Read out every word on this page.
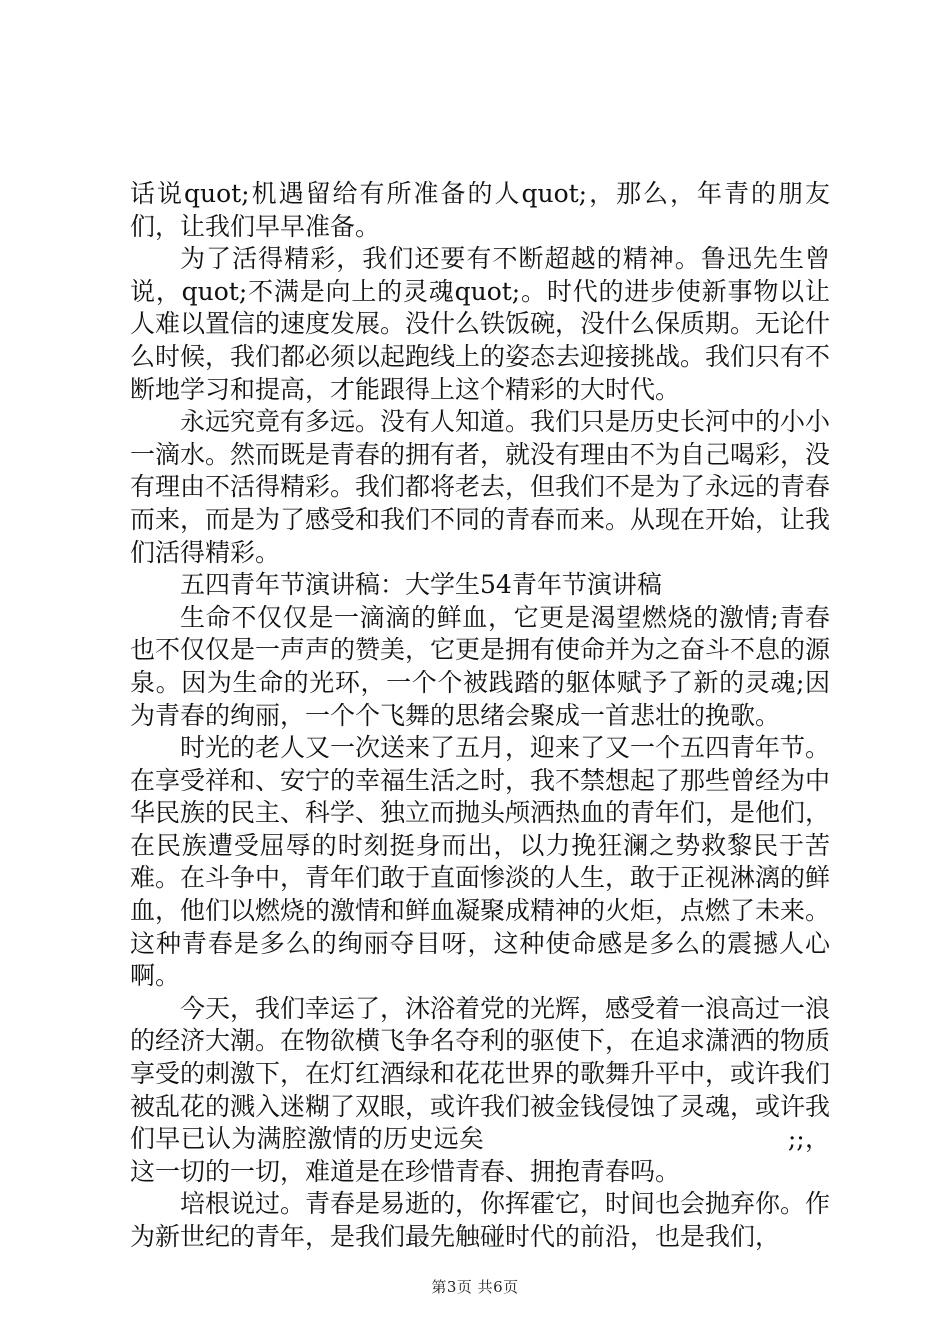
话说quot;机遇留给有所准备的人quot;，那么，年青的朋友们，让我们早早准备。

为了活得精彩，我们还要有不断超越的精神。鲁迅先生曾说，quot;不满是向上的灵魂quot;。时代的进步使新事物以让人难以置信的速度发展。没什么铁饭碗，没什么保质期。无论什么时候，我们都必须以起跑线上的姿态去迎接挑战。我们只有不断地学习和提高，才能跟得上这个精彩的大时代。

永远究竟有多远。没有人知道。我们只是历史长河中的小小一滴水。然而既是青春的拥有者，就没有理由不为自己喝彩，没有理由不活得精彩。我们都将老去，但我们不是为了永远的青春而来，而是为了感受和我们不同的青春而来。从现在开始，让我们活得精彩。

五四青年节演讲稿：大学生54青年节演讲稿

生命不仅仅是一滴滴的鲜血，它更是渴望燃烧的激情;青春也不仅仅是一声声的赞美，它更是拥有使命并为之奋斗不息的源泉。因为生命的光环，一个个被践踏的躯体赋予了新的灵魂;因为青春的绚丽，一个个飞舞的思绪会聚成一首悲壮的挽歌。

时光的老人又一次送来了五月，迎来了又一个五四青年节。在享受祥和、安宁的幸福生活之时，我不禁想起了那些曾经为中华民族的民主、科学、独立而抛头颅洒热血的青年们，是他们，在民族遭受屈辱的时刻挺身而出，以力挽狂澜之势救黎民于苦难。在斗争中，青年们敢于直面惨淡的人生，敢于正视淋漓的鲜血，他们以燃烧的激情和鲜血凝聚成精神的火炬，点燃了未来。这种青春是多么的绚丽夺目呀，这种使命感是多么的震撼人心啊。

今天，我们幸运了，沐浴着党的光辉，感受着一浪高过一浪的经济大潮。在物欲横飞争名夺利的驱使下，在追求潇洒的物质享受的刺激下，在灯红酒绿和花花世界的歌舞升平中，或许我们被乱花的溅入迷糊了双眼，或许我们被金钱侵蚀了灵魂，或许我们早已认为满腔激情的历史远矣　　　　　　　　　　　　;;，这一切的一切，难道是在珍惜青春、拥抱青春吗。

培根说过。青春是易逝的，你挥霍它，时间也会抛弃你。作为新世纪的青年，是我们最先触碰时代的前沿，也是我们，

第3页 共6页
